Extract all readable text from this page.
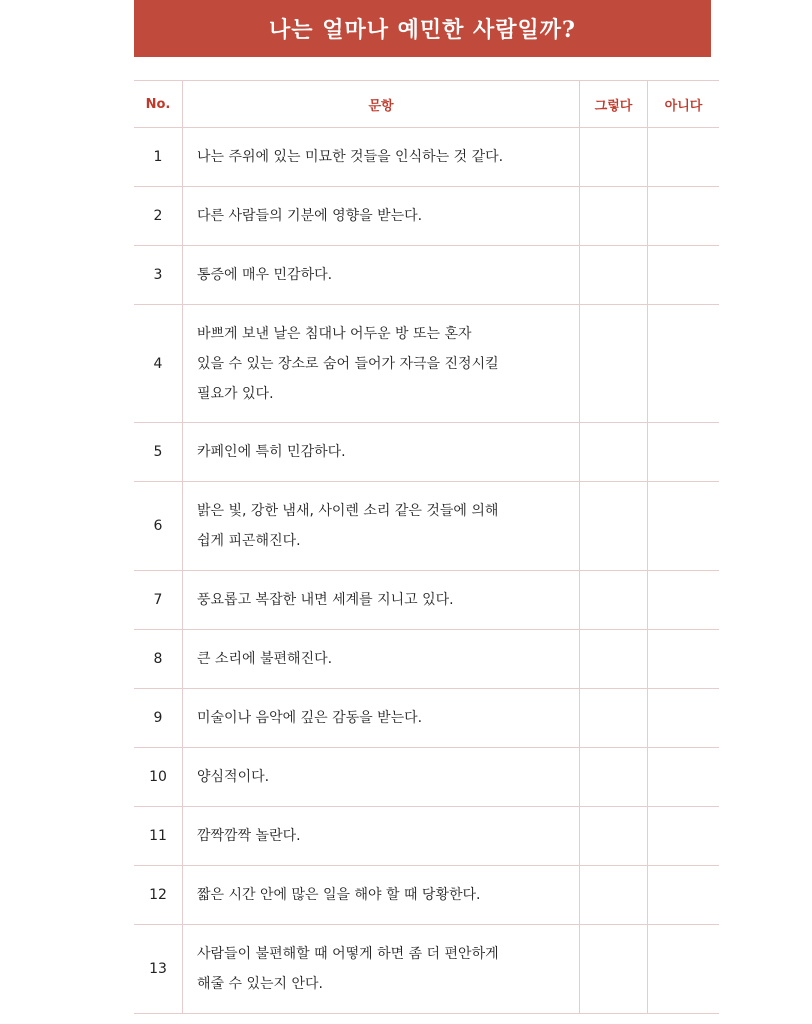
나는 얼마나 예민한 사람일까?
No.	문항	그렇다	아니다
1	나는 주위에 있는 미묘한 것들을 인식하는 것 같다.		

2	다른 사람들의 기분에 영향을 받는다.		

3	통증에 매우 민감하다.		

4	바쁘게 보낸 날은 침대나 어두운 방 또는 혼자
있을 수 있는 장소로 숨어 들어가 자극을 진정시킬
필요가 있다.		

5	카페인에 특히 민감하다.		

6	밝은 빛, 강한 냄새, 사이렌 소리 같은 것들에 의해
쉽게 피곤해진다.		

7	풍요롭고 복잡한 내면 세계를 지니고 있다.		

8	큰 소리에 불편해진다.		

9	미술이나 음악에 깊은 감동을 받는다.		

10	양심적이다.		

11	깜짝깜짝 놀란다.		

12	짧은 시간 안에 많은 일을 해야 할 때 당황한다.		

13	사람들이 불편해할 때 어떻게 하면 좀 더 편안하게
해줄 수 있는지 안다.		
